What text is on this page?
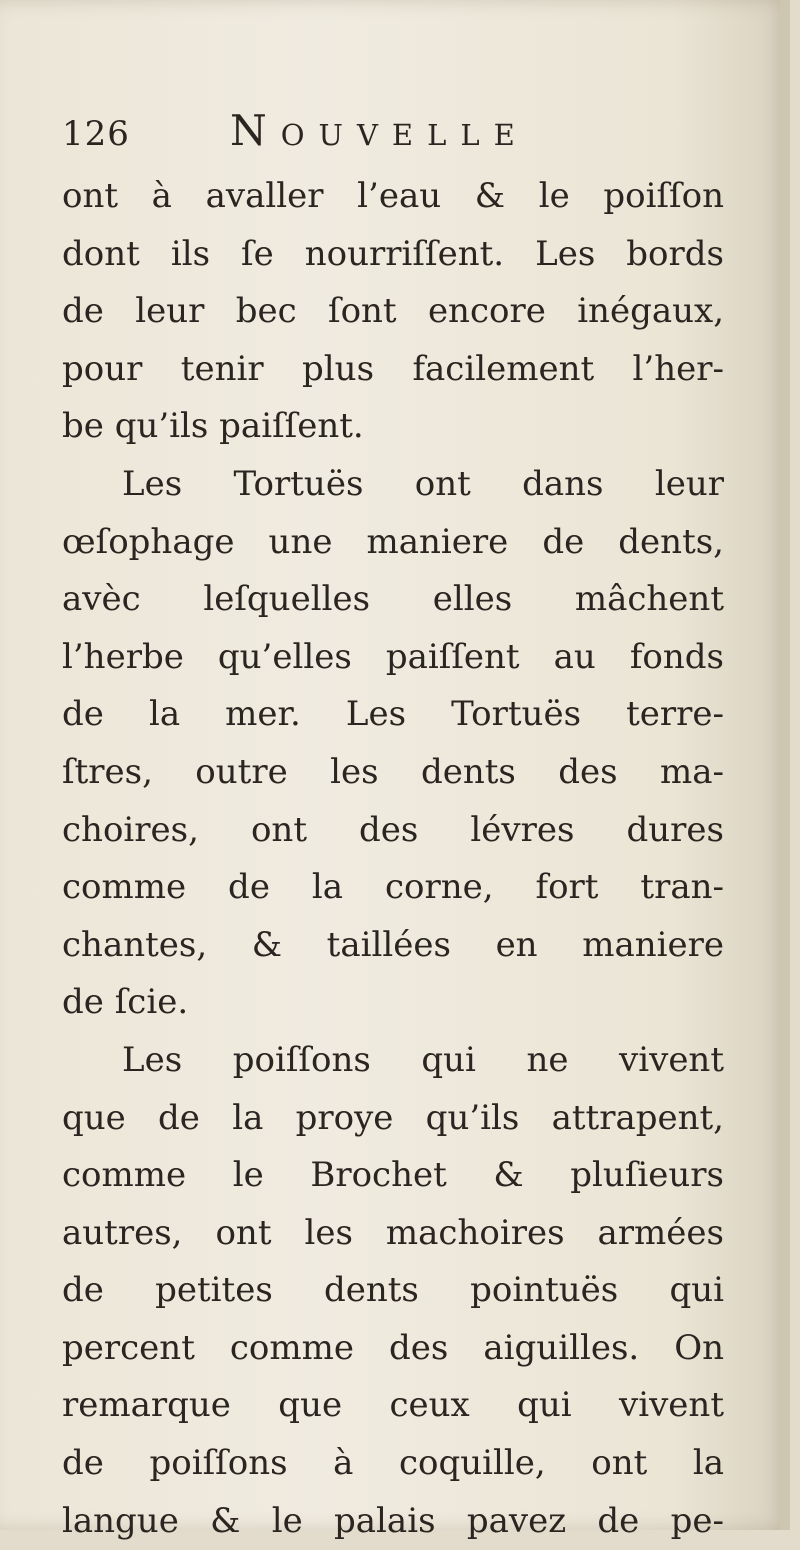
126 Nouvelle
ont à avaller l’eau & le poiſſon
dont ils ſe nourriſſent. Les bords
de leur bec ſont encore inégaux,
pour tenir plus facilement l’her-
be qu’ils paiſſent.
Les Tortuës ont dans leur
œſophage une maniere de dents,
avèc leſquelles elles mâchent
l’herbe qu’elles paiſſent au fonds
de la mer. Les Tortuës terre-
ſtres, outre les dents des ma-
choires, ont des lévres dures
comme de la corne, fort tran-
chantes, & taillées en maniere
de ſcie.
Les poiſſons qui ne vivent
que de la proye qu’ils attrapent,
comme le Brochet & pluſieurs
autres, ont les machoires armées
de petites dents pointuës qui
percent comme des aiguilles. On
remarque que ceux qui vivent
de poiſſons à coquille, ont la
langue & le palais pavez de pe-
